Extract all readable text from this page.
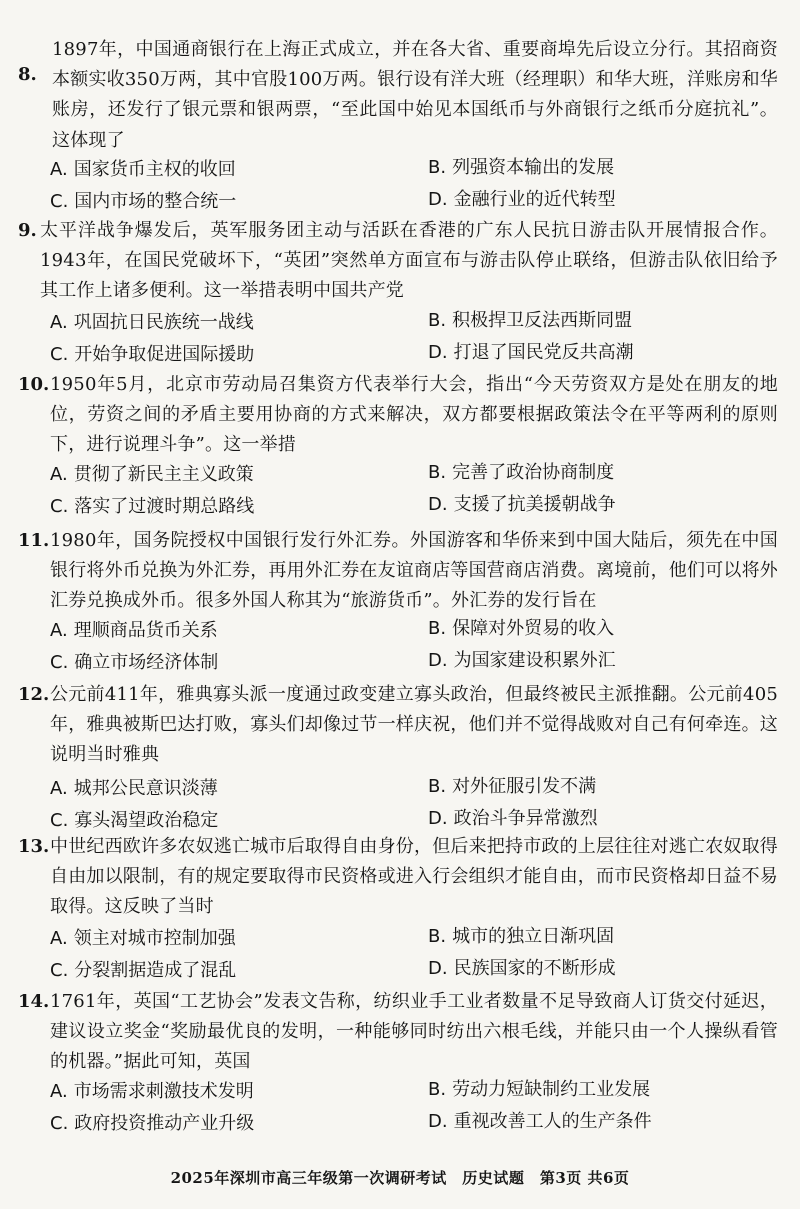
8.
1897年，中国通商银行在上海正式成立，并在各大省、重要商埠先后设立分行。其招商资本额实收350万两，其中官股100万两。银行设有洋大班（经理职）和华大班，洋账房和华账房，还发行了银元票和银两票，“至此国中始见本国纸币与外商银行之纸币分庭抗礼”。这体现了
A. 国家货币主权的收回	B. 列强资本输出的发展
C. 国内市场的整合统一	D. 金融行业的近代转型
9. 太平洋战争爆发后，英军服务团主动与活跃在香港的广东人民抗日游击队开展情报合作。1943年，在国民党破坏下，“英团”突然单方面宣布与游击队停止联络，但游击队依旧给予其工作上诸多便利。这一举措表明中国共产党
A. 巩固抗日民族统一战线	B. 积极捍卫反法西斯同盟
C. 开始争取促进国际援助	D. 打退了国民党反共高潮
10. 1950年5月，北京市劳动局召集资方代表举行大会，指出“今天劳资双方是处在朋友的地位，劳资之间的矛盾主要用协商的方式来解决，双方都要根据政策法令在平等两利的原则下，进行说理斗争”。这一举措
A. 贯彻了新民主主义政策	B. 完善了政治协商制度
C. 落实了过渡时期总路线	D. 支援了抗美援朝战争
11. 1980年，国务院授权中国银行发行外汇券。外国游客和华侨来到中国大陆后，须先在中国银行将外币兑换为外汇券，再用外汇券在友谊商店等国营商店消费。离境前，他们可以将外汇券兑换成外币。很多外国人称其为“旅游货币”。外汇券的发行旨在
A. 理顺商品货币关系	B. 保障对外贸易的收入
C. 确立市场经济体制	D. 为国家建设积累外汇
12. 公元前411年，雅典寡头派一度通过政变建立寡头政治，但最终被民主派推翻。公元前405年，雅典被斯巴达打败，寡头们却像过节一样庆祝，他们并不觉得战败对自己有何牵连。这说明当时雅典
A. 城邦公民意识淡薄	B. 对外征服引发不满
C. 寡头渴望政治稳定	D. 政治斗争异常激烈
13. 中世纪西欧许多农奴逃亡城市后取得自由身份，但后来把持市政的上层往往对逃亡农奴取得自由加以限制，有的规定要取得市民资格或进入行会组织才能自由，而市民资格却日益不易取得。这反映了当时
A. 领主对城市控制加强	B. 城市的独立日渐巩固
C. 分裂割据造成了混乱	D. 民族国家的不断形成
14. 1761年，英国“工艺协会”发表文告称，纺织业手工业者数量不足导致商人订货交付延迟，建议设立奖金“奖励最优良的发明，一种能够同时纺出六根毛线，并能只由一个人操纵看管的机器。”据此可知，英国
A. 市场需求刺激技术发明	B. 劳动力短缺制约工业发展
C. 政府投资推动产业升级	D. 重视改善工人的生产条件
2025年深圳市高三年级第一次调研考试　历史试题　第3页 共6页
